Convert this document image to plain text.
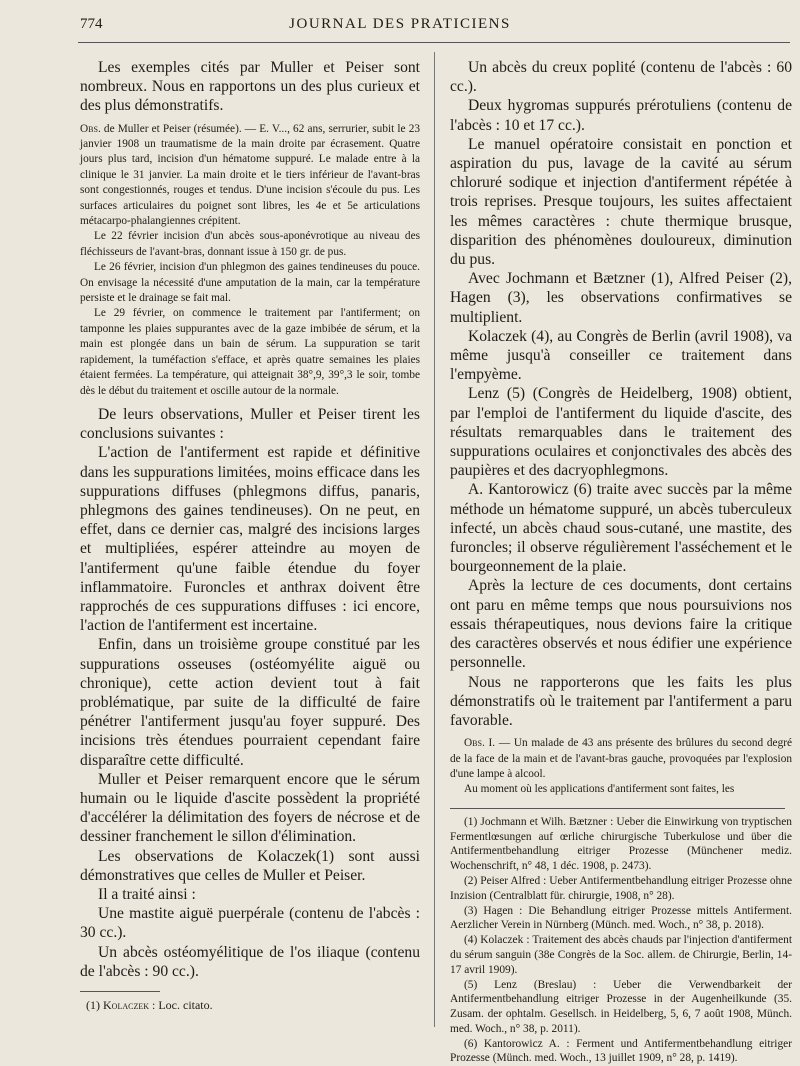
774	JOURNAL DES PRATICIENS

Les exemples cités par Muller et Peiser sont nombreux. Nous en rapportons un des plus curieux et des plus démonstratifs.

Obs. de Muller et Peiser (résumée). — E. V..., 62 ans, serrurier, subit le 23 janvier 1908 un traumatisme de la main droite par écrasement. Quatre jours plus tard, incision d'un hématome suppuré. Le malade entre à la clinique le 31 janvier. La main droite et le tiers inférieur de l'avant-bras sont congestionnés, rouges et tendus. D'une incision s'écoule du pus. Les surfaces articulaires du poignet sont libres, les 4e et 5e articulations métacarpo-phalangiennes crépitent.

Le 22 février incision d'un abcès sous-aponévrotique au niveau des fléchisseurs de l'avant-bras, donnant issue à 150 gr. de pus.

Le 26 février, incision d'un phlegmon des gaines tendineuses du pouce. On envisage la nécessité d'une amputation de la main, car la température persiste et le drainage se fait mal.

Le 29 février, on commence le traitement par l'antiferment; on tamponne les plaies suppurantes avec de la gaze imbibée de sérum, et la main est plongée dans un bain de sérum. La suppuration se tarit rapidement, la tuméfaction s'efface, et après quatre semaines les plaies étaient fermées. La température, qui atteignait 38°,9, 39°,3 le soir, tombe dès le début du traitement et oscille autour de la normale.

De leurs observations, Muller et Peiser tirent les conclusions suivantes :

L'action de l'antiferment est rapide et définitive dans les suppurations limitées, moins efficace dans les suppurations diffuses (phlegmons diffus, panaris, phlegmons des gaines tendineuses). On ne peut, en effet, dans ce dernier cas, malgré des incisions larges et multipliées, espérer atteindre au moyen de l'antiferment qu'une faible étendue du foyer inflammatoire. Furoncles et anthrax doivent être rapprochés de ces suppurations diffuses : ici encore, l'action de l'antiferment est incertaine.

Enfin, dans un troisième groupe constitué par les suppurations osseuses (ostéomyélite aiguë ou chronique), cette action devient tout à fait problématique, par suite de la difficulté de faire pénétrer l'antiferment jusqu'au foyer suppuré. Des incisions très étendues pourraient cependant faire disparaître cette difficulté.

Muller et Peiser remarquent encore que le sérum humain ou le liquide d'ascite possèdent la propriété d'accélérer la délimitation des foyers de nécrose et de dessiner franchement le sillon d'élimination.

Les observations de Kolaczek(1) sont aussi démonstratives que celles de Muller et Peiser.

Il a traité ainsi :

Une mastite aiguë puerpérale (contenu de l'abcès : 30 cc.).

Un abcès ostéomyélitique de l'os iliaque (contenu de l'abcès : 90 cc.).

(1) Kolaczek : Loc. citato.

Un abcès du creux poplité (contenu de l'abcès : 60 cc.).

Deux hygromas suppurés prérotuliens (contenu de l'abcès : 10 et 17 cc.).

Le manuel opératoire consistait en ponction et aspiration du pus, lavage de la cavité au sérum chloruré sodique et injection d'antiferment répétée à trois reprises. Presque toujours, les suites affectaient les mêmes caractères : chute thermique brusque, disparition des phénomènes douloureux, diminution du pus.

Avec Jochmann et Bætzner (1), Alfred Peiser (2), Hagen (3), les observations confirmatives se multiplient.

Kolaczek (4), au Congrès de Berlin (avril 1908), va même jusqu'à conseiller ce traitement dans l'empyème.

Lenz (5) (Congrès de Heidelberg, 1908) obtient, par l'emploi de l'antiferment du liquide d'ascite, des résultats remarquables dans le traitement des suppurations oculaires et conjonctivales des abcès des paupières et des dacryophlegmons.

A. Kantorowicz (6) traite avec succès par la même méthode un hématome suppuré, un abcès tuberculeux infecté, un abcès chaud sous-cutané, une mastite, des furoncles; il observe régulièrement l'asséchement et le bourgeonnement de la plaie.

Après la lecture de ces documents, dont certains ont paru en même temps que nous poursuivions nos essais thérapeutiques, nous devions faire la critique des caractères observés et nous édifier une expérience personnelle.

Nous ne rapporterons que les faits les plus démonstratifs où le traitement par l'antiferment a paru favorable.

Obs. I. — Un malade de 43 ans présente des brûlures du second degré de la face de la main et de l'avant-bras gauche, provoquées par l'explosion d'une lampe à alcool.

Au moment où les applications d'antiferment sont faites, les

(1) Jochmann et Wilh. Bætzner : Ueber die Einwirkung von tryptischen Fermentlœsungen auf œrliche chirurgische Tuberkulose und über die Antifermentbehandlung eitriger Prozesse (Münchener mediz. Wochenschrift, n° 48, 1 déc. 1908, p. 2473).

(2) Peiser Alfred : Ueber Antifermentbehandlung eitriger Prozesse ohne Inzision (Centralblatt für. chirurgie, 1908, n° 28).

(3) Hagen : Die Behandlung eitriger Prozesse mittels Antiferment. Aerzlicher Verein in Nürnberg (Münch. med. Woch., n° 38, p. 2018).

(4) Kolaczek : Traitement des abcès chauds par l'injection d'antiferment du sérum sanguin (38e Congrès de la Soc. allem. de Chirurgie, Berlin, 14-17 avril 1909).

(5) Lenz (Breslau) : Ueber die Verwendbarkeit der Antifermentbehandlung eitriger Prozesse in der Augenheilkunde (35. Zusam. der ophtalm. Gesellsch. in Heidelberg, 5, 6, 7 août 1908, Münch. med. Woch., n° 38, p. 2011).

(6) Kantorowicz A. : Ferment und Antifermentbehandlung eitriger Prozesse (Münch. med. Woch., 13 juillet 1909, n° 28, p. 1419).
